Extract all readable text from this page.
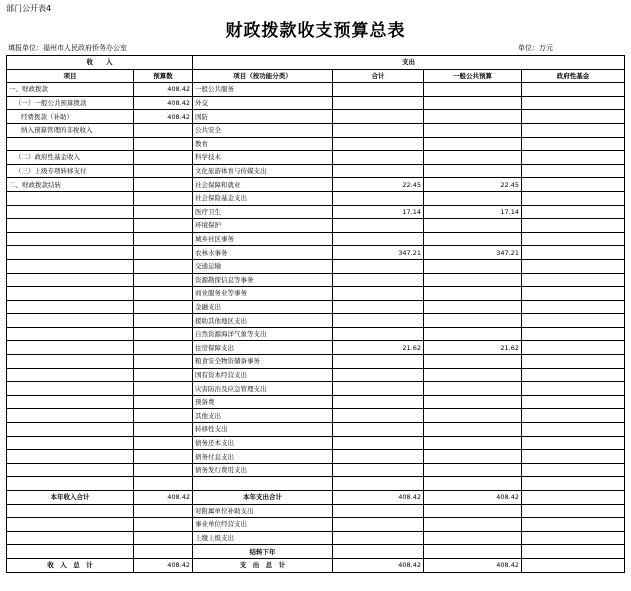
部门公开表4
财政拨款收支预算总表
填报单位：福州市人民政府侨务办公室	单位：万元
收　　入		支出			
项目	预算数	项目（按功能分类）	合计	一般公共预算	政府性基金
一、财政拨款	408.42	一般公共服务			
（一）一般公共预算拨款	408.42	外交			
经费拨款（补助）	408.42	国防			
纳入预算管理的非税收入		公共安全			
		教育			
（二）政府性基金收入		科学技术			
（三）上级专项转移支付		文化旅游体育与传媒支出			
二、财政拨款结转		社会保障和就业	22.45	22.45	
		社会保险基金支出			
		医疗卫生	17.14	17.14	
		环境保护			
		城乡社区事务			
		农林水事务	347.21	347.21	
		交通运输			
		资源勘探信息等事务			
		商业服务业等事务			
		金融支出			
		援助其他地区支出			
		自然资源海洋气象等支出			
		住房保障支出	21.62	21.62	
		粮食安全物资储备事务			
		国有资本经营支出			
		灾害防治及应急管理支出			
		预备费			
		其他支出			
		转移性支出			
		债务还本支出			
		债务付息支出			
		债务发行费用支出			

本年收入合计	408.42	本年支出合计	408.42	408.42	
		对附属单位补助支出			
		事业单位经营支出			
		上缴上级支出			
		结转下年			
收　入　总　计	408.42	支　出　总　计	408.42	408.42	
